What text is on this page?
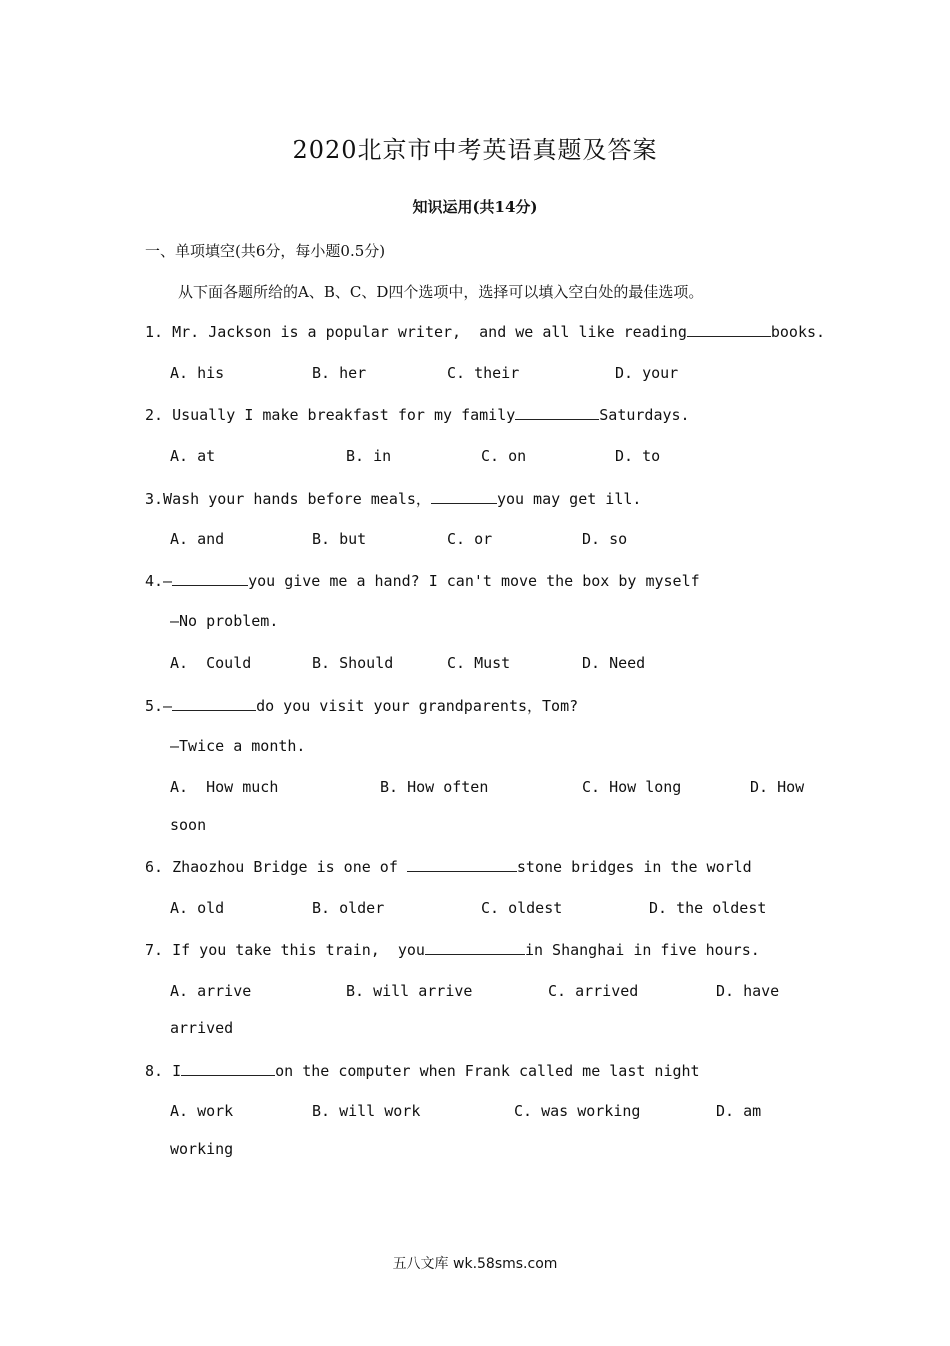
2020北京市中考英语真题及答案
知识运用(共14分)
一、单项填空(共6分，每小题0.5分)
从下面各题所给的A、B、C、D四个选项中，选择可以填入空白处的最佳选项。
1. Mr. Jackson is a popular writer,  and we all like reading	books.
A. his	B. her	C. their	D. your
2. Usually I make breakfast for my family	Saturdays.
A. at	B. in	C. on	D. to
3.Wash your hands before meals，	you may get ill.
A. and	B. but	C. or	D. so
4.—	you give me a hand? I can't move the box by myself
—No problem.
A.  Could	B. Should	C. Must	D. Need
5.—	do you visit your grandparents，Tom?
—Twice a month.
A.  How much	B. How often	C. How long	D. How
soon
6. Zhaozhou Bridge is one of	stone bridges in the world
A. old	B. older	C. oldest	D. the oldest
7. If you take this train,  you	in Shanghai in five hours.
A. arrive	B. will arrive	C. arrived	D. have
arrived
8. I	on the computer when Frank called me last night
A. work	B. will work	C. was working	D. am
working
五八文库 wk.58sms.com
